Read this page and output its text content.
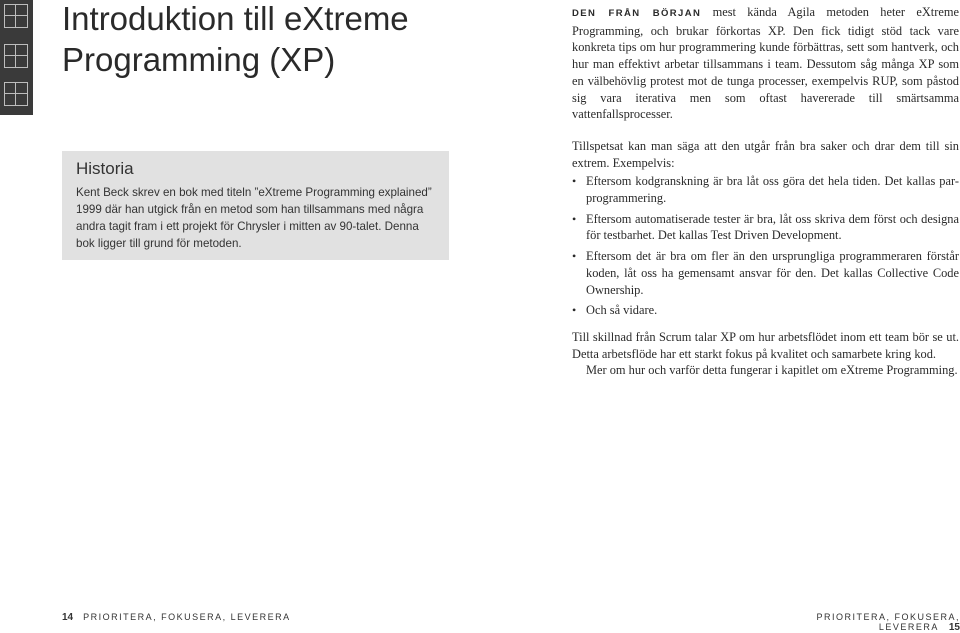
Introduktion till eXtreme Programming (XP)
Historia

Kent Beck skrev en bok med titeln ”eXtreme Programming explained” 1999 där han utgick från en metod som han tillsammans med några andra tagit fram i ett projekt för Chrysler i mitten av 90-talet. Denna bok ligger till grund för metoden.

DEN FRÅN BÖRJAN mest kända Agila metoden heter eXtreme Programming, och brukar förkortas XP. Den fick tidigt stöd tack vare konkreta tips om hur programmering kunde förbättras, sett som hantverk, och hur man effektivt arbetar tillsammans i team. Dessutom såg många XP som en välbehövlig protest mot de tunga processer, exempelvis RUP, som påstod sig vara iterativa men som oftast havererade till smärtsamma vattenfallsprocesser.

Tillspetsat kan man säga att den utgår från bra saker och drar dem till sin extrem. Exempelvis:

• Eftersom kodgranskning är bra låt oss göra det hela tiden. Det kallas par-programmering.
• Eftersom automatiserade tester är bra, låt oss skriva dem först och designa för testbarhet. Det kallas Test Driven Development.
• Eftersom det är bra om fler än den ursprungliga programmeraren förstår koden, låt oss ha gemensamt ansvar för den. Det kallas Collective Code Ownership.
• Och så vidare.

Till skillnad från Scrum talar XP om hur arbetsflödet inom ett team bör se ut. Detta arbetsflöde har ett starkt fokus på kvalitet och samarbete kring kod.

Mer om hur och varför detta fungerar i kapitlet om eXtreme Programming.

14 PRIORITERA, FOKUSERA, LEVERERA	PRIORITERA, FOKUSERA, LEVERERA 15
